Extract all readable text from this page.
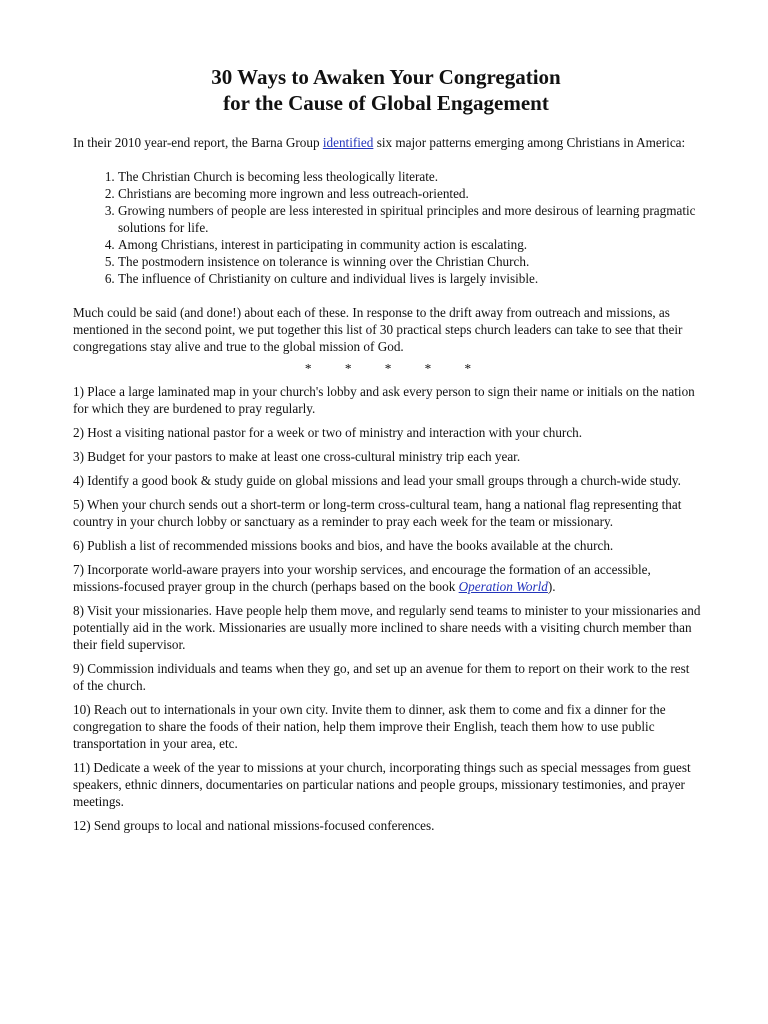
30 Ways to Awaken Your Congregation
for the Cause of Global Engagement

In their 2010 year-end report, the Barna Group identified six major patterns emerging among Christians in America:

1. The Christian Church is becoming less theologically literate.
2. Christians are becoming more ingrown and less outreach-oriented.
3. Growing numbers of people are less interested in spiritual principles and more desirous of learning pragmatic solutions for life.
4. Among Christians, interest in participating in community action is escalating.
5. The postmodern insistence on tolerance is winning over the Christian Church.
6. The influence of Christianity on culture and individual lives is largely invisible.

Much could be said (and done!) about each of these. In response to the drift away from outreach and missions, as mentioned in the second point, we put together this list of 30 practical steps church leaders can take to see that their congregations stay alive and true to the global mission of God.

*	*	*	*	*

1) Place a large laminated map in your church's lobby and ask every person to sign their name or initials on the nation for which they are burdened to pray regularly.

2) Host a visiting national pastor for a week or two of ministry and interaction with your church.

3) Budget for your pastors to make at least one cross-cultural ministry trip each year.

4) Identify a good book & study guide on global missions and lead your small groups through a church-wide study.

5) When your church sends out a short-term or long-term cross-cultural team, hang a national flag representing that country in your church lobby or sanctuary as a reminder to pray each week for the team or missionary.

6) Publish a list of recommended missions books and bios, and have the books available at the church.

7) Incorporate world-aware prayers into your worship services, and encourage the formation of an accessible, missions-focused prayer group in the church (perhaps based on the book Operation World).

8) Visit your missionaries. Have people help them move, and regularly send teams to minister to your missionaries and potentially aid in the work. Missionaries are usually more inclined to share needs with a visiting church member than their field supervisor.

9) Commission individuals and teams when they go, and set up an avenue for them to report on their work to the rest of the church.

10) Reach out to internationals in your own city. Invite them to dinner, ask them to come and fix a dinner for the congregation to share the foods of their nation, help them improve their English, teach them how to use public transportation in your area, etc.

11) Dedicate a week of the year to missions at your church, incorporating things such as special messages from guest speakers, ethnic dinners, documentaries on particular nations and people groups, missionary testimonies, and prayer meetings.

12) Send groups to local and national missions-focused conferences.
